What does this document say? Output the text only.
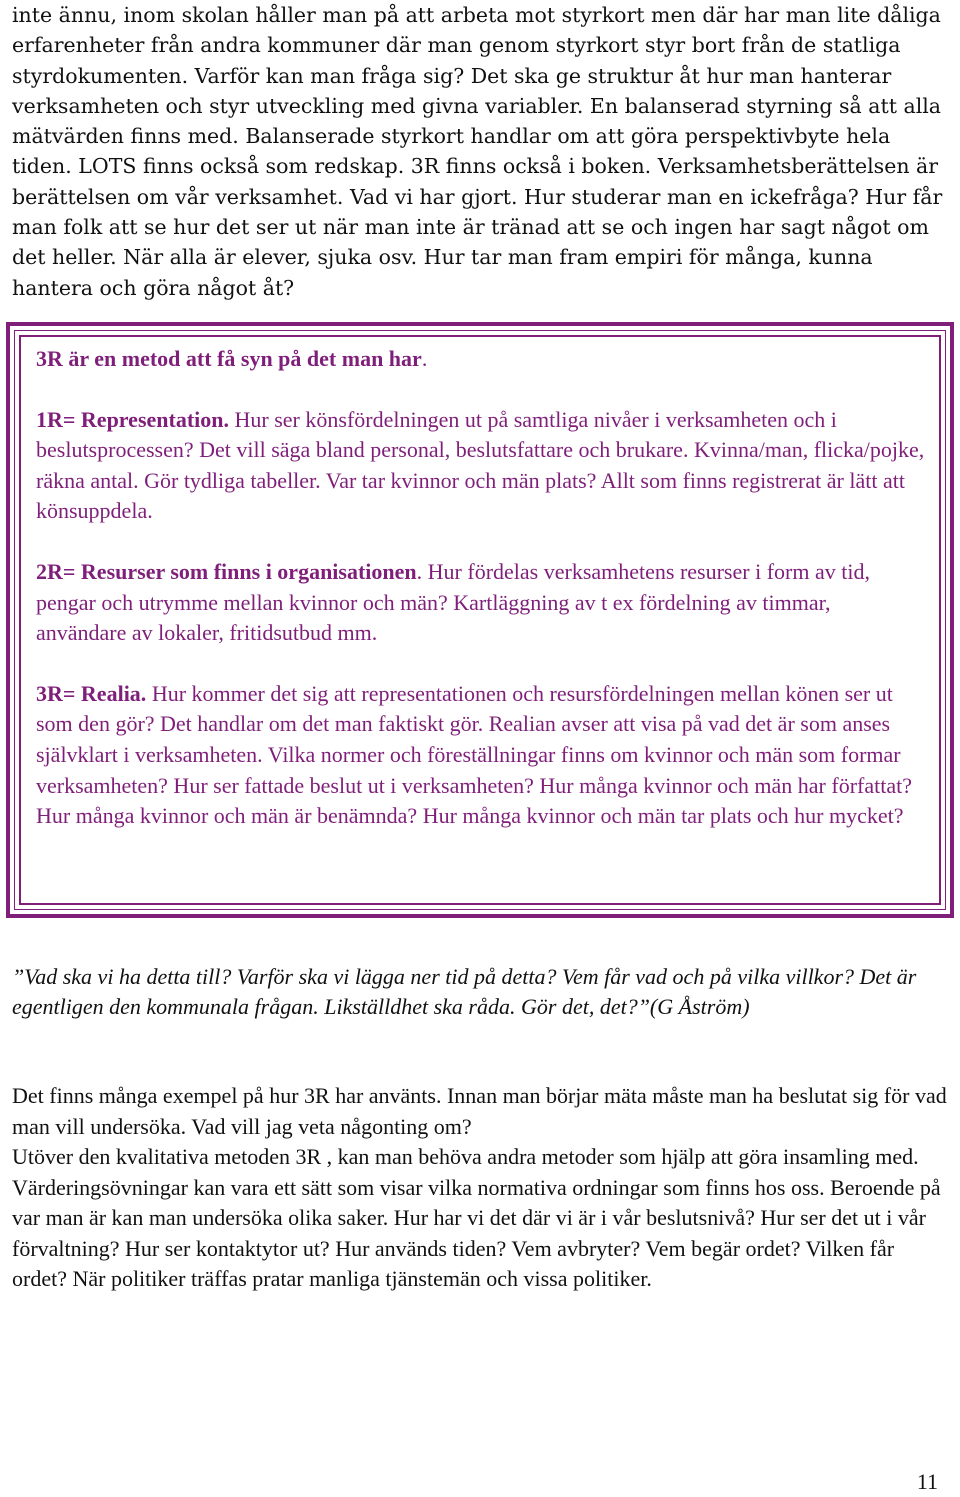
inte ännu, inom skolan håller man på att arbeta mot styrkort men där har man lite dåliga erfarenheter från andra kommuner där man genom styrkort styr bort från de statliga styrdokumenten. Varför kan man fråga sig? Det ska ge struktur åt hur man hanterar verksamheten och styr utveckling med givna variabler. En balanserad styrning så att alla mätvärden finns med. Balanserade styrkort handlar om att göra perspektivbyte hela tiden. LOTS finns också som redskap. 3R finns också i boken. Verksamhetsberättelsen är berättelsen om vår verksamhet. Vad vi har gjort. Hur studerar man en ickefråga? Hur får man folk att se hur det ser ut när man inte är tränad att se och ingen har sagt något om det heller. När alla är elever, sjuka osv. Hur tar man fram empiri för många, kunna hantera och göra något åt?

3R är en metod att få syn på det man har.

1R= Representation. Hur ser könsfördelningen ut på samtliga nivåer i verksamheten och i beslutsprocessen? Det vill säga bland personal, beslutsfattare och brukare. Kvinna/man, flicka/pojke, räkna antal. Gör tydliga tabeller. Var tar kvinnor och män plats? Allt som finns registrerat är lätt att könsuppdela.

2R= Resurser som finns i organisationen. Hur fördelas verksamhetens resurser i form av tid, pengar och utrymme mellan kvinnor och män? Kartläggning av t ex fördelning av timmar, användare av lokaler, fritidsutbud mm.

3R= Realia. Hur kommer det sig att representationen och resursfördelningen mellan könen ser ut som den gör? Det handlar om det man faktiskt gör. Realian avser att visa på vad det är som anses självklart i verksamheten. Vilka normer och föreställningar finns om kvinnor och män som formar verksamheten? Hur ser fattade beslut ut i verksamheten? Hur många kvinnor och män har författat? Hur många kvinnor och män är benämnda? Hur många kvinnor och män tar plats och hur mycket?

”Vad ska vi ha detta till? Varför ska vi lägga ner tid på detta? Vem får vad och på vilka villkor? Det är egentligen den kommunala frågan. Likställdhet ska råda. Gör det, det?”(G Åström)

Det finns många exempel på hur 3R har använts. Innan man börjar mäta måste man ha beslutat sig för vad man vill undersöka. Vad vill jag veta någonting om?
Utöver den kvalitativa metoden 3R , kan man behöva andra metoder som hjälp att göra insamling med. Värderingsövningar kan vara ett sätt som visar vilka normativa ordningar som finns hos oss. Beroende på var man är kan man undersöka olika saker. Hur har vi det där vi är i vår beslutsnivå? Hur ser det ut i vår förvaltning? Hur ser kontaktytor ut? Hur används tiden? Vem avbryter? Vem begär ordet? Vilken får ordet? När politiker träffas pratar manliga tjänstemän och vissa politiker.
11
